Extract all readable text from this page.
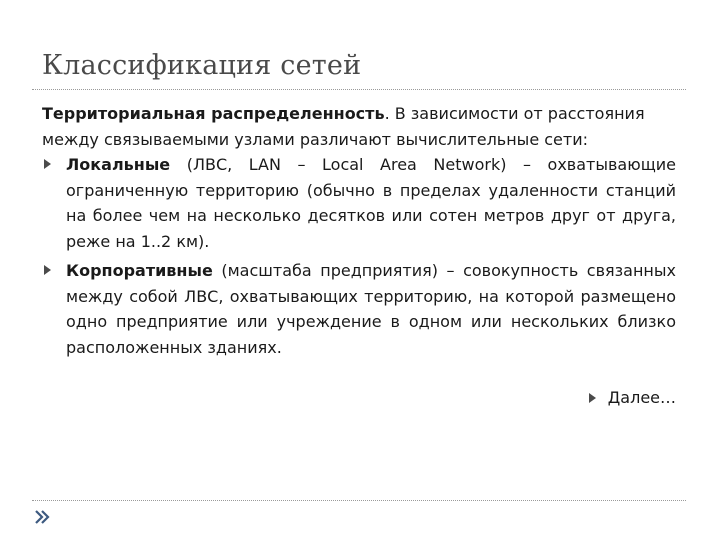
Классификация сетей
Территориальная распределенность. В зависимости от расстояния между связываемыми узлами различают вычислительные сети:
Локальные (ЛВС, LAN – Local Area Network) – охватывающие ограниченную территорию (обычно в пределах удаленности станций на более чем на несколько десятков или сотен метров друг от друга, реже на 1..2 км).
Корпоративные (масштаба предприятия) – совокупность связанных между собой ЛВС, охватывающих территорию, на которой размещено одно предприятие или учреждение в одном или нескольких близко расположенных зданиях.
Далее…
